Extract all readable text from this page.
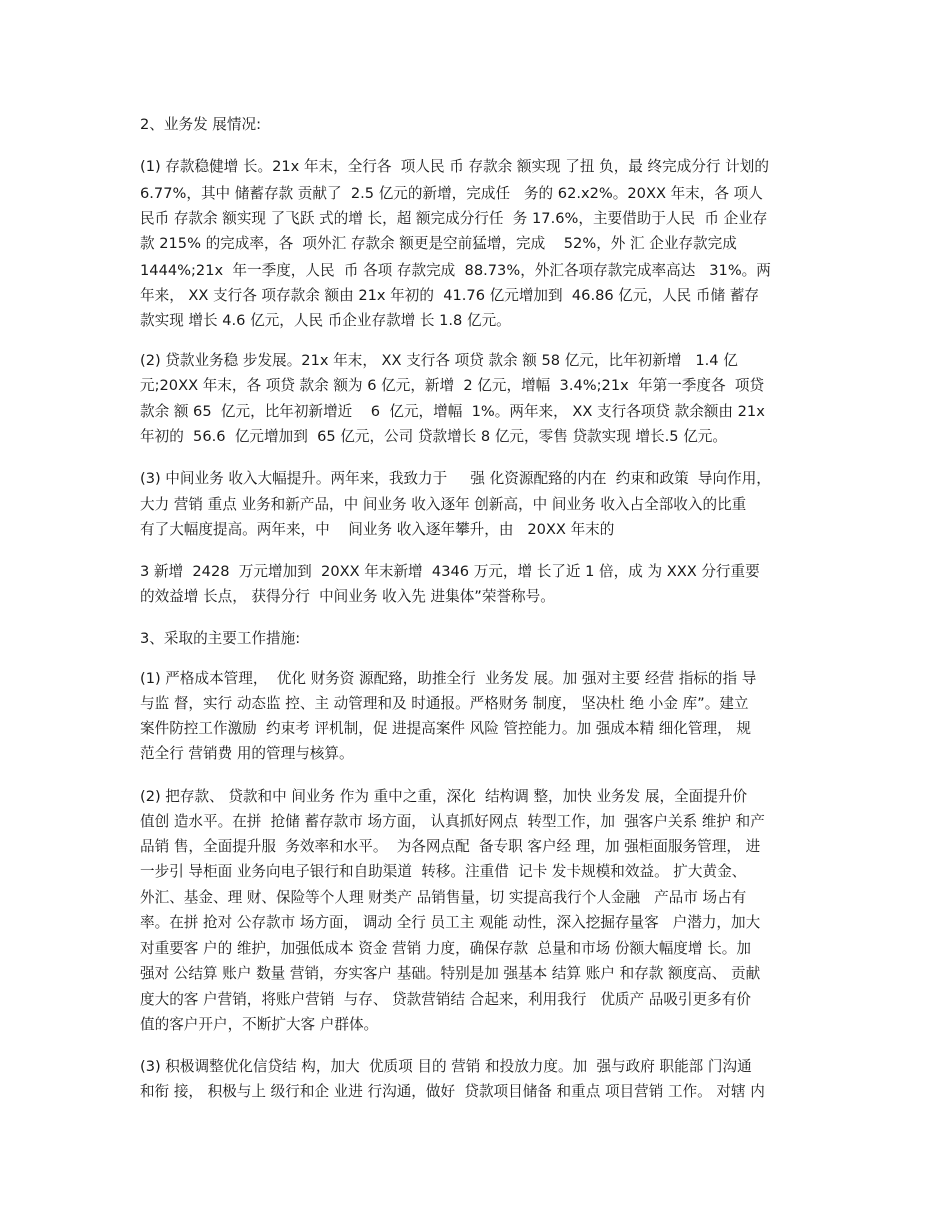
2、业务发 展情况:
(1) 存款稳健增 长。21x 年末，全行各  项人民 币 存款余 额实现 了扭 负，最 终完成分行 计划的
6.77%，其中 储蓄存款 贡献了  2.5 亿元的新增，完成任   务的 62.x2%。20XX 年末，各 项人
民币 存款余 额实现 了飞跃 式的增 长，超 额完成分行任  务 17.6%，主要借助于人民  币 企业存
款 215% 的完成率，各  项外汇 存款余 额更是空前猛增，完成    52%，外 汇 企业存款完成
1444%;21x  年一季度，人民  币 各项 存款完成  88.73%，外汇各项存款完成率高达   31%。两
年来， XX 支行各 项存款余 额由 21x 年初的  41.76 亿元增加到  46.86 亿元，人民 币储 蓄存
款实现 增长 4.6 亿元，人民 币企业存款增 长 1.8 亿元。
(2) 贷款业务稳 步发展。21x 年末， XX 支行各 项贷 款余 额 58 亿元，比年初新增   1.4 亿
元;20XX 年末，各 项贷 款余 额为 6 亿元，新增  2 亿元，增幅  3.4%;21x  年第一季度各  项贷
款余 额 65  亿元，比年初新增近    6  亿元，增幅  1%。两年来， XX 支行各项贷 款余额由 21x
年初的  56.6  亿元增加到  65 亿元，公司 贷款增长 8 亿元，零售 贷款实现 增长.5 亿元。
(3) 中间业务 收入大幅提升。两年来，我致力于     强 化资源配臵的内在  约束和政策  导向作用，
大力 营销 重点 业务和新产品，中 间业务 收入逐年 创新高，中 间业务 收入占全部收入的比重
有了大幅度提高。两年来，中    间业务 收入逐年攀升，由   20XX 年末的
3 新增  2428  万元增加到  20XX 年末新增  4346 万元，增 长了近 1 倍，成 为 XXX 分行重要
的效益增 长点， 获得分行  中间业务 收入先 进集体”荣誉称号。
3、采取的主要工作措施:
(1) 严格成本管理，  优化 财务资 源配臵，助推全行  业务发 展。加 强对主要 经营 指标的指 导
与监 督，实行 动态监 控、主 动管理和及 时通报。严格财务 制度， 坚决杜 绝 小金 库”。建立
案件防控工作激励  约束考 评机制，促 进提高案件 风险 管控能力。加 强成本精 细化管理， 规
范全行 营销费 用的管理与核算。
(2) 把存款、 贷款和中 间业务 作为 重中之重，深化  结构调 整，加快 业务发 展，全面提升价
值创 造水平。在拼  抢储 蓄存款市 场方面， 认真抓好网点  转型工作，加  强客户关系 维护 和产
品销 售，全面提升服  务效率和水平。  为各网点配  备专职 客户经 理，加 强柜面服务管理， 进
一步引 导柜面 业务向电子银行和自助渠道  转移。注重借  记卡 发卡规模和效益。 扩大黄金、
外汇、基金、理 财、保险等个人理 财类产 品销售量，切 实提高我行个人金融   产品市 场占有
率。在拼 抢对 公存款市 场方面， 调动 全行 员工主 观能 动性，深入挖掘存量客   户潜力，加大
对重要客 户的 维护，加强低成本 资金 营销 力度，确保存款  总量和市场 份额大幅度增 长。加
强对 公结算 账户 数量 营销，夯实客户 基础。特别是加 强基本 结算 账户 和存款 额度高、 贡献
度大的客 户营销，将账户营销  与存、 贷款营销结 合起来，利用我行   优质产 品吸引更多有价
值的客户开户，不断扩大客 户群体。
(3) 积极调整优化信贷结 构，加大  优质项 目的 营销 和投放力度。加  强与政府 职能部 门沟通
和衔 接， 积极与上 级行和企 业进 行沟通，做好  贷款项目储备 和重点 项目营销 工作。 对辖 内
